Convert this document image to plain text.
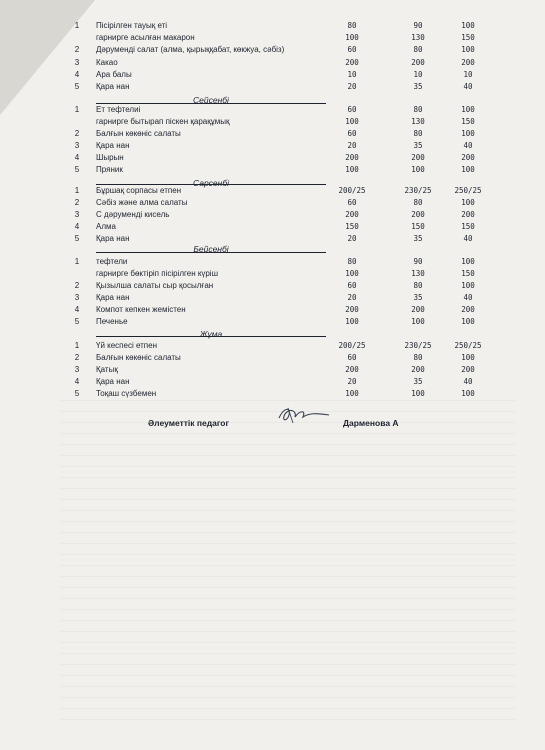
1	Пісірілген тауық еті	80	90	100
гарнирге асылған макарон	100	130	150
2	Дәрумендi салат (алма, қырыққабат, көкжуа, сәбіз)	60	80	100
3	Какао	200	200	200
4	Ара балы	10	10	10
5	Қара нан	20	35	40
Сейсенбі
1	Ет тефтелиі	60	80	100
гарнирге бытырап піскен қарақұмық	100	130	150
2	Балғын көкөніс салаты	60	80	100
3	Қара нан	20	35	40
4	Шырын	200	200	200
5	Пряник	100	100	100
Сарсенбі
1	Бұршақ сорпасы етпен	200/25	230/25	250/25
2	Сәбіз және алма салаты	60	80	100
3	С дәрумендi кисель	200	200	200
4	Алма	150	150	150
5	Қара нан	20	35	40
Бейсенбі
1	тефтели	80	90	100
гарнирге бөктіріп пісірілген күріш	100	130	150
2	Қызылша салаты сыр қосылған	60	80	100
3	Қара нан	20	35	40
4	Компот кепкен жемістен	200	200	200
5	Печенье	100	100	100
Жұма
1	Үй кеспесі етпен	200/25	230/25	250/25
2	Балғын көкөніс салаты	60	80	100
3	Қатық	200	200	200
4	Қара нан	20	35	40
5	Тоқаш сүзбемен	100	100	100
Әлеуметтік педагог	Дарменова А
